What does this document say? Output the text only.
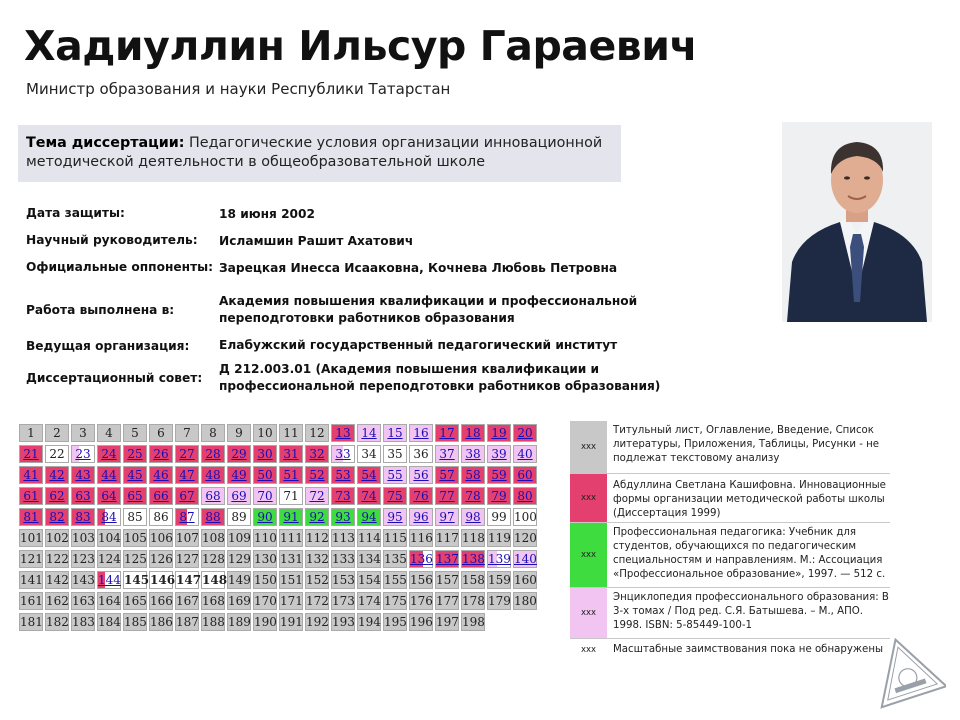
Хадиуллин Ильсур Гараевич
Министр образования и науки Республики Татарстан
Тема диссертации: Педагогические условия организации инновационной методической деятельности в общеобразовательной школе
Дата защиты:	18 июня 2002
Научный руководитель:	Исламшин Рашит Ахатович
Официальные оппоненты: Зарецкая Инесса Исааковна, Кочнева Любовь Петровна
Работа выполнена в:
Академия повышения квалификации и профессиональной переподготовки работников образования
Ведущая организация:	Елабужский государственный педагогический институт
Диссертационный совет:
Д 212.003.01 (Академия повышения квалификации и профессиональной переподготовки работников образования)
1	2	3	4	5	6	7	8	9	10 11 12 13 14 15 16 17 18 19 20
21 22 23 24 25 26 27 28 29 30 31 32 33 34 35 36 37 38 39 40
41 42 43 44 45 46 47 48 49 50 51 52 53 54 55 56 57 58 59 60
61 62 63 64 65 66 67 68 69 70 71 72 73 74 75 76 77 78 79 80
81 82 83 84 85 86 87 88 89 90 91 92 93 94 95 96 97 98 99 100
101 102 103 104 105 106 107 108 109 110 111 112 113 114 115 116 117 118 119 120
121 122 123 124 125 126 127 128 129 130 131 132 133 134 135 136 137 138 139 140
141 142 143 144 145 146 147 148 149 150 151 152 153 154 155 156 157 158 159 160
161 162 163 164 165 166 167 168 169 170 171 172 173 174 175 176 177 178 179 180
181 182 183 184 185 186 187 188 189 190 191 192 193 194 195 196 197 198
xxx
Титульный лист, Оглавление, Введение, Список литературы, Приложения, Таблицы, Рисунки - не подлежат текстовому анализу
xxx
Абдуллина Светлана Кашифовна. Инновационные формы организации методической работы школы (Диссертация 1999)
xxx
Профессиональная педагогика: Учебник для студентов, обучающихся по педагогическим специальностям и направлениям. М.: Ассоциация «Профессиональное образование», 1997. — 512 с.
xxx
Энциклопедия профессионального образования: В 3-х томах / Под ред. С.Я. Батышева. – М., АПО. 1998. ISBN: 5-85449-100-1
xxx	Масштабные заимствования пока не обнаружены
